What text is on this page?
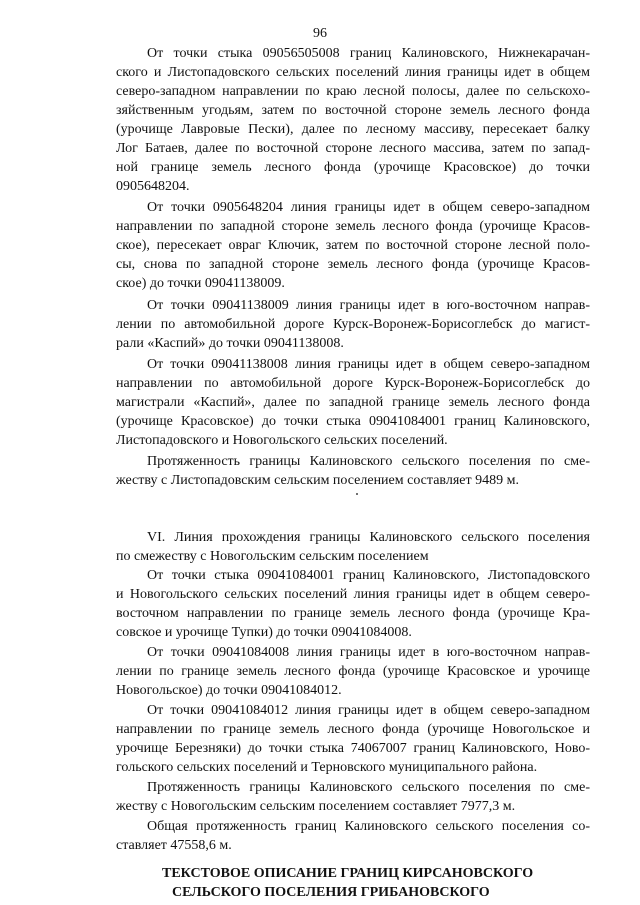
96
От точки стыка 09056505008 границ Калиновского, Нижнекарачан-
ского и Листопадовского сельских поселений линия границы идет в общем
северо-западном направлении по краю лесной полосы, далее по сельскохо-
зяйственным угодьям, затем по восточной стороне земель лесного фонда
(урочище Лавровые Пески), далее по лесному массиву, пересекает балку
Лог Батаев, далее по восточной стороне лесного массива, затем по запад-
ной границе земель лесного фонда (урочище Красовское) до точки
0905648204.
От точки 0905648204 линия границы идет в общем северо-западном
направлении по западной стороне земель лесного фонда (урочище Красов-
ское), пересекает овраг Ключик, затем по восточной стороне лесной поло-
сы, снова по западной стороне земель лесного фонда (урочище Красов-
ское) до точки 09041138009.
От точки 09041138009 линия границы идет в юго-восточном направ-
лении по автомобильной дороге Курск-Воронеж-Борисоглебск до магист-
рали «Каспий» до точки 09041138008.
От точки 09041138008 линия границы идет в общем северо-западном
направлении по автомобильной дороге Курск-Воронеж-Борисоглебск до
магистрали «Каспий», далее по западной границе земель лесного фонда
(урочище Красовское) до точки стыка 09041084001 границ Калиновского,
Листопадовского и Новогольского сельских поселений.
Протяженность границы Калиновского сельского поселения по сме-
жеству с Листопадовским сельским поселением составляет 9489 м.
VI. Линия прохождения границы Калиновского сельского поселения
по смежеству с Новогольским сельским поселением
От точки стыка 09041084001 границ Калиновского, Листопадовского
и Новогольского сельских поселений линия границы идет в общем северо-
восточном направлении по границе земель лесного фонда (урочище Кра-
совское и урочище Тупки) до точки 09041084008.
От точки 09041084008 линия границы идет в юго-восточном направ-
лении по границе земель лесного фонда (урочище Красовское и урочище
Новогольское) до точки 09041084012.
От точки 09041084012 линия границы идет в общем северо-западном
направлении по границе земель лесного фонда (урочище Новогольское и
урочище Березняки) до точки стыка 74067007 границ Калиновского, Ново-
гольского сельских поселений и Терновского муниципального района.
Протяженность границы Калиновского сельского поселения по сме-
жеству с Новогольским сельским поселением составляет 7977,3 м.
Общая протяженность границ Калиновского сельского поселения со-
ставляет 47558,6 м.
ТЕКСТОВОЕ ОПИСАНИЕ ГРАНИЦ КИРСАНОВСКОГО
СЕЛЬСКОГО ПОСЕЛЕНИЯ ГРИБАНОВСКОГО
